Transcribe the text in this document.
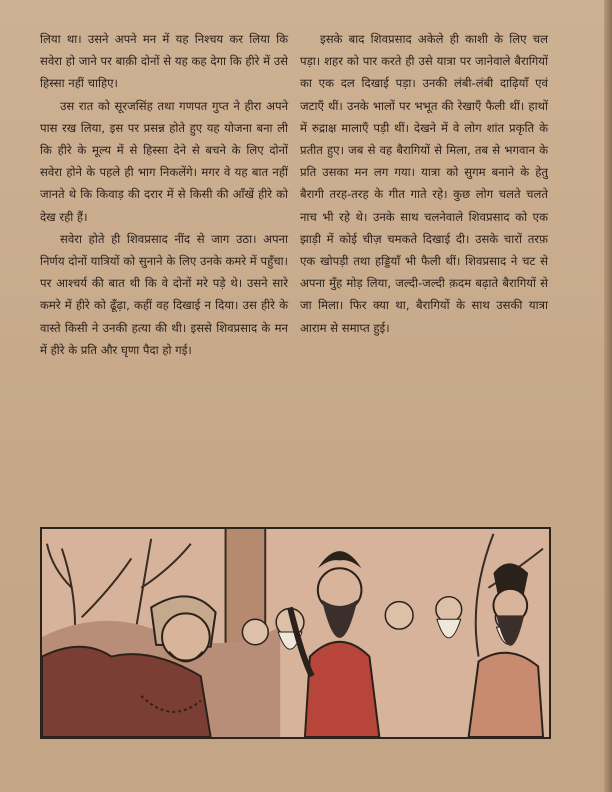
लिया था। उसने अपने मन में यह निश्चय कर लिया कि सवेरा हो जाने पर बाक़ी दोनों से यह कह देगा कि हीरे में उसे हिस्सा नहीं चाहिए।

उस रात को सूरजसिंह तथा गणपत गुप्त ने हीरा अपने पास रख लिया, इस पर प्रसन्न होते हुए यह योजना बना ली कि हीरे के मूल्य में से हिस्सा देने से बचने के लिए दोनों सवेरा होने के पहले ही भाग निकलेंगे। मगर वे यह बात नहीं जानते थे कि किवाड़ की दरार में से किसी की आँखें हीरे को देख रही हैं।

सवेरा होते ही शिवप्रसाद नींद से जाग उठा। अपना निर्णय दोनों यात्रियों को सुनाने के लिए उनके कमरे में पहुँचा। पर आश्चर्य की बात थी कि वे दोनों मरे पड़े थे। उसने सारे कमरे में हीरे को ढूँढ़ा, कहीं वह दिखाई न दिया। उस हीरे के वास्ते किसी ने उनकी हत्या की थी। इससे शिवप्रसाद के मन में हीरे के प्रति और घृणा पैदा हो गई।

इसके बाद शिवप्रसाद अकेले ही काशी के लिए चल पड़ा। शहर को पार करते ही उसे यात्रा पर जानेवाले बैरागियों का एक दल दिखाई पड़ा। उनकी लंबी-लंबी दाढ़ियाँ एवं जटाएँ थीं। उनके भालों पर भभूत की रेखाएँ फैली थीं। हाथों में रुद्राक्ष मालाएँ पड़ी थीं। देखने में वे लोग शांत प्रकृति के प्रतीत हुए। जब से वह बैरागियों से मिला, तब से भगवान के प्रति उसका मन लग गया। यात्रा को सुगम बनाने के हेतु बैरागी तरह-तरह के गीत गाते रहे। कुछ लोग चलते चलते नाच भी रहे थे। उनके साथ चलनेवाले शिवप्रसाद को एक झाड़ी में कोई चीज़ चमकते दिखाई दी। उसके चारों तरफ़ एक खोपड़ी तथा हड्डियाँ भी फैली थीं। शिवप्रसाद ने चट से अपना मुँह मोड़ लिया, जल्दी-जल्दी क़दम बढ़ाते बैरागियों से जा मिला। फिर क्या था, बैरागियों के साथ उसकी यात्रा आराम से समाप्त हुई।
